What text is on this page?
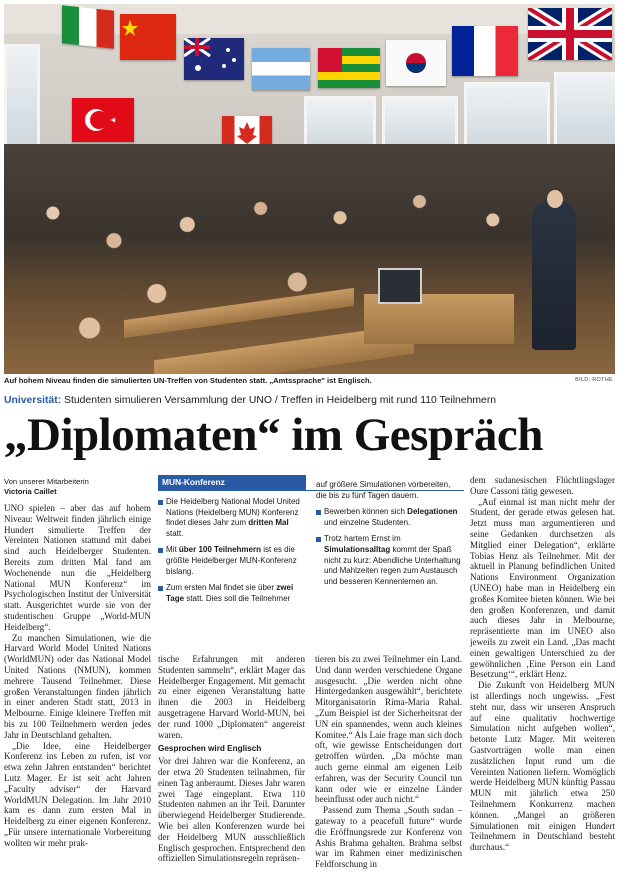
Auf hohem Niveau finden die simulierten UN-Treffen von Studenten statt. „Amtssprache" ist Englisch.	BILD: ROTHE
Universität: Studenten simulieren Versammlung der UNO / Treffen in Heidelberg mit rund 110 Teilnehmern
„Diplomaten“ im Gespräch
Von unserer Mitarbeiterin
Victoria Caillet

UNO spielen – aber das auf hohem Niveau: Weltweit finden jährlich einige Hundert simulierte Treffen der Vereinten Nationen stattund mit dabei sind auch Heidelberger Studenten. Bereits zum dritten Mal fand am Wochenende nun die „Heidelberg National MUN Konferenz“ im Psychologischen Institut der Universität statt. Ausgerichtet wurde sie von der studentischen Gruppe „World-MUN Heidelberg“.

Zu manchen Simulationen, wie die Harvard World Model United Nations (WorldMUN) oder das National Model United Nations (NMUN), kommen mehrere Tausend Teilnehmer. Diese großen Veranstaltungen finden jährlich in einer anderen Stadt statt, 2013 in Melbourne. Einige kleinere Treffen mit bis zu 100 Teilnehmern werden jedes Jahr in Deutschland gehalten.

„Die Idee, eine Heidelberger Konferenz ins Leben zu rufen, ist vor etwa zehn Jahren entstanden“ berichtet Lutz Mager. Er ist seit acht Jahren „Faculty adviser“ der Harvard WorldMUN Delegation. Im Jahr 2010 kam es dann zum ersten Mal in Heidelberg zu einer eigenen Konferenz. „Für unsere internationale Vorbereitung wollten wir mehr prak-

MUN-Konferenz
Die Heidelberg National Model United Nations (Heidelberg MUN) Konferenz findet dieses Jahr zum dritten Mal statt.
Mit über 100 Teilnehmern ist es die größte Heidelberger MUN-Konferenz bislang.
Zum ersten Mal findet sie über zwei Tage statt. Dies soll die Teilnehmer
auf größere Simulationen vorbereiten, die bis zu fünf Tagen dauern.
Bewerben können sich Delegationen und einzelne Studenten.
Trotz hartem Ernst im Simulationsalltag kommt der Spaß nicht zu kurz: Abendliche Unterhaltung und Mahlzeiten regen zum Austausch und besseren Kennenlernen an.

tische Erfahrungen mit anderen Studenten sammeln“, erklärt Mager das Heidelberger Engagement. Mit gemacht zu einer eigenen Veranstaltung hatte ihnen die 2003 in Heidelberg ausgetragene Harvard World-MUN, bei der rund 1000 „Diplomaten“ angereist waren.

Gesprochen wird Englisch

Vor drei Jahren war die Konferenz, an der etwa 20 Studenten teilnahmen, für einen Tag anberaumt. Dieses Jahr waren zwei Tage eingeplant. Etwa 110 Studenten nahmen an ihr Teil. Darunter überwiegend Heidelberger Studierende. Wie bei allen Konferenzen wurde bei der Heidelberg MUN ausschließlich Englisch gesprochen. Entsprechend den offiziellen Simulationsregeln repräsen-

tieren bis zu zwei Teilnehmer ein Land. Und dann werden verschiedene Organe ausgesucht. „Die werden nicht ohne Hintergedanken ausgewählt“, berichtete Mitorganisatorin Rima-Maria Rahal. „Zum Beispiel ist der Sicherheitsrat der UN ein spannendes, wenn auch kleines Komitee.“ Als Laie frage man sich doch oft, wie gewisse Entscheidungen dort getroffen würden. „Da möchte man auch gerne einmal am eigenen Leib erfahren, was der Security Council tun kann oder wie er einzelne Länder beeinflusst oder auch nicht.“

Passend zum Thema „South sudan – gateway to a peacefull future“ wurde die Eröffnungsrede zur Konferenz von Ashis Brahma gehalten. Brahma selbst war im Rahmen einer medizinischen Feldforschung in

dem sudanesischen Flüchtlingslager Oure Cassoni tätig gewesen.

„Auf einmal ist man nicht mehr der Student, der gerade etwas gelesen hat. Jetzt muss man argumentieren und seine Gedanken durchsetzen als Mitglied einer Delegation“, erklärte Tobias Henz als Teilnehmer. Mit der aktuell in Planung befindlichen United Nations Environment Organization (UNEO) habe man in Heidelberg ein großes Komitee bieten können. Wie bei den großen Konferenzen, und damit auch dieses Jahr in Melbourne, repräsentierte man im UNEO also jeweils zu zweit ein Land. „Das macht einen gewaltigen Unterschied zu der gewöhnlichen ‚Eine Person ein Land Besetzung‘“, erklärt Henz.

Die Zukunft von Heidelberg MUN ist allerdings noch ungewiss. „Fest steht nur, dass wir unseren Anspruch auf eine qualitativ hochwertige Simulation nicht aufgeben wollen“, betonte Lutz Mager. Mit weiteren Gastvorträgen wolle man einen zusätzlichen Input rund um die Vereinten Nationen liefern. Womöglich werde Heidelberg MUN künftig Passau MUN mit jährlich etwa 250 Teilnehmern Konkurrenz machen können. „Mangel an größeren Simulationen mit einigen Hundert Teilnehmern in Deutschland besteht durchaus.“
